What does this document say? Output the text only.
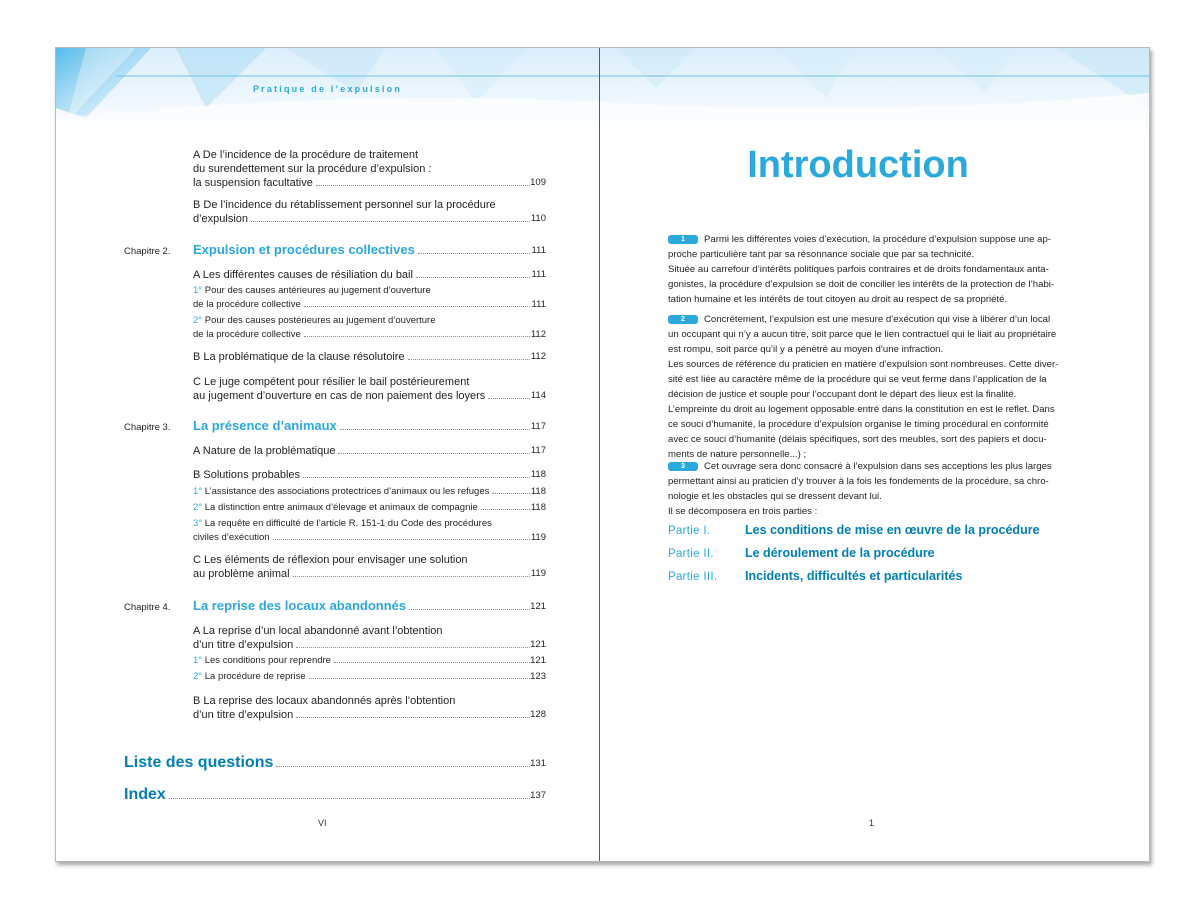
Pratique de l’expulsion
A De l’incidence de la procédure de traitement
du surendettement sur la procédure d’expulsion :
la suspension facultative	109
B De l’incidence du rétablissement personnel sur la procédure
d’expulsion	110
Chapitre 2. Expulsion et procédures collectives	111
A Les différentes causes de résiliation du bail	111
1° Pour des causes antérieures au jugement d’ouverture
de la procédure collective	111
2° Pour des causes postérieures au jugement d’ouverture
de la procédure collective	112
B La problématique de la clause résolutoire	112
C Le juge compétent pour résilier le bail postérieurement
au jugement d’ouverture en cas de non paiement des loyers	114
Chapitre 3. La présence d’animaux	117
A Nature de la problématique	117
B Solutions probables	118
1° L’assistance des associations protectrices d’animaux ou les refuges	118
2° La distinction entre animaux d’élevage et animaux de compagnie	118
3° La requête en difficulté de l’article R. 151-1 du Code des procédures
civiles d’exécution	119
C Les éléments de réflexion pour envisager une solution
au problème animal	119
Chapitre 4. La reprise des locaux abandonnés	121
A La reprise d’un local abandonné avant l’obtention
d’un titre d’expulsion	121
1° Les conditions pour reprendre	121
2° La procédure de reprise	123
B La reprise des locaux abandonnés après l’obtention
d’un titre d’expulsion	128
Liste des questions	131
Index	137
VI
Introduction
1 Parmi les différentes voies d’exécution, la procédure d’expulsion suppose une ap-
proche particulière tant par sa résonnance sociale que par sa technicité.
Située au carrefour d’intérêts politiques parfois contraires et de droits fondamentaux anta-
gonistes, la procédure d’expulsion se doit de concilier les intérêts de la protection de l’habi-
tation humaine et les intérêts de tout citoyen au droit au respect de sa propriété.
2 Concrètement, l’expulsion est une mesure d’exécution qui vise à libérer d’un local
un occupant qui n’y a aucun titre, soit parce que le lien contractuel qui le liait au propriétaire
est rompu, soit parce qu’il y a pénétré au moyen d’une infraction.
Les sources de référence du praticien en matière d’expulsion sont nombreuses. Cette diver-
sité est liée au caractère même de la procédure qui se veut ferme dans l’application de la
décision de justice et souple pour l’occupant dont le départ des lieux est la finalité.
L’empreinte du droit au logement opposable entré dans la constitution en est le reflet. Dans
ce souci d’humanité, la procédure d’expulsion organise le timing procédural en conformité
avec ce souci d’humanité (délais spécifiques, sort des meubles, sort des papiers et docu-
ments de nature personnelle...) ;
3 Cet ouvrage sera donc consacré à l’expulsion dans ses acceptions les plus larges
permettant ainsi au praticien d’y trouver à la fois les fondements de la procédure, sa chro-
nologie et les obstacles qui se dressent devant lui.
Il se décomposera en trois parties :
Partie I.	Les conditions de mise en œuvre de la procédure
Partie II. Le déroulement de la procédure
Partie III. Incidents, difficultés et particularités
1
